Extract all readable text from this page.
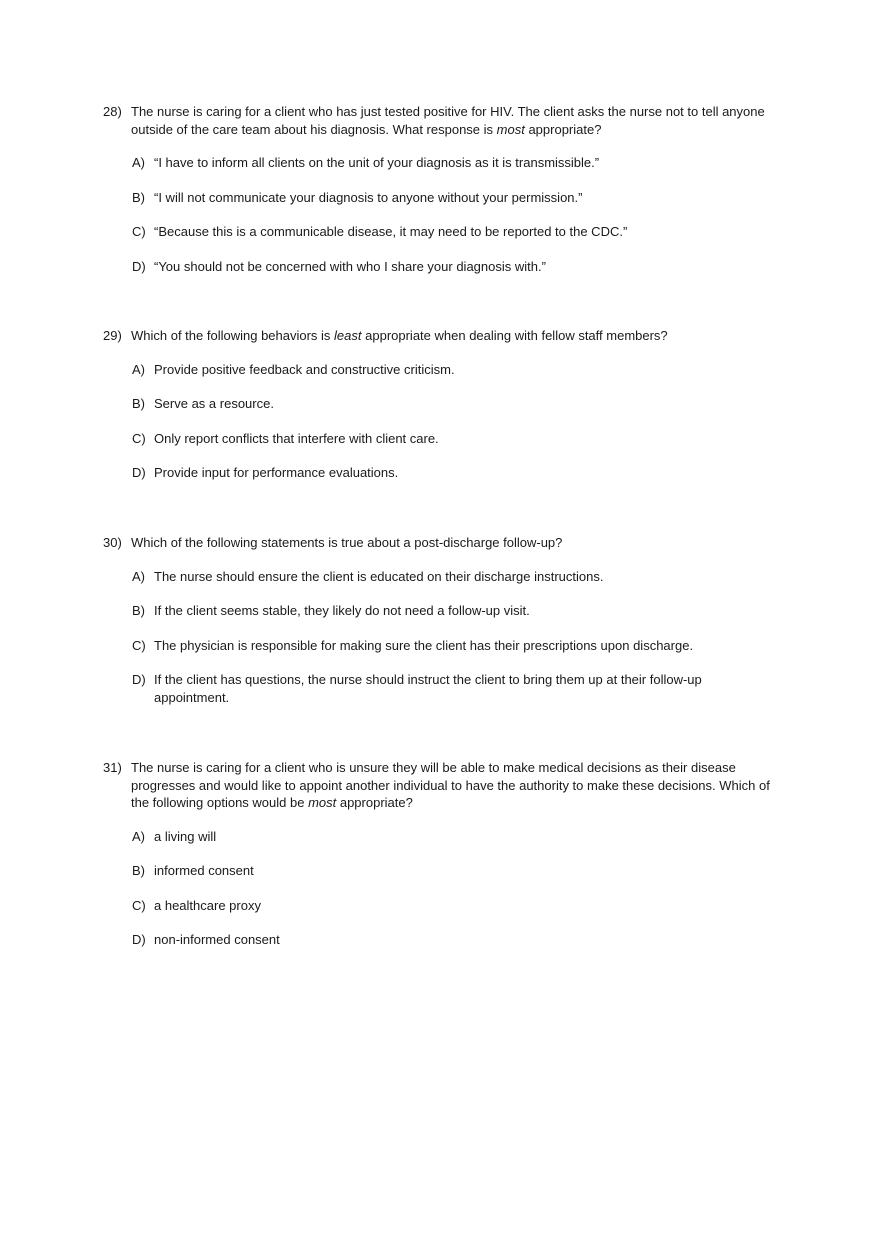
28) The nurse is caring for a client who has just tested positive for HIV. The client asks the nurse not to tell anyone outside of the care team about his diagnosis. What response is most appropriate?
A) “I have to inform all clients on the unit of your diagnosis as it is transmissible.”
B) “I will not communicate your diagnosis to anyone without your permission.”
C) “Because this is a communicable disease, it may need to be reported to the CDC.”
D) “You should not be concerned with who I share your diagnosis with.”
29) Which of the following behaviors is least appropriate when dealing with fellow staff members?
A) Provide positive feedback and constructive criticism.
B) Serve as a resource.
C) Only report conflicts that interfere with client care.
D) Provide input for performance evaluations.
30) Which of the following statements is true about a post-discharge follow-up?
A) The nurse should ensure the client is educated on their discharge instructions.
B) If the client seems stable, they likely do not need a follow-up visit.
C) The physician is responsible for making sure the client has their prescriptions upon discharge.
D) If the client has questions, the nurse should instruct the client to bring them up at their follow-up appointment.
31) The nurse is caring for a client who is unsure they will be able to make medical decisions as their disease progresses and would like to appoint another individual to have the authority to make these decisions. Which of the following options would be most appropriate?
A) a living will
B) informed consent
C) a healthcare proxy
D) non-informed consent
